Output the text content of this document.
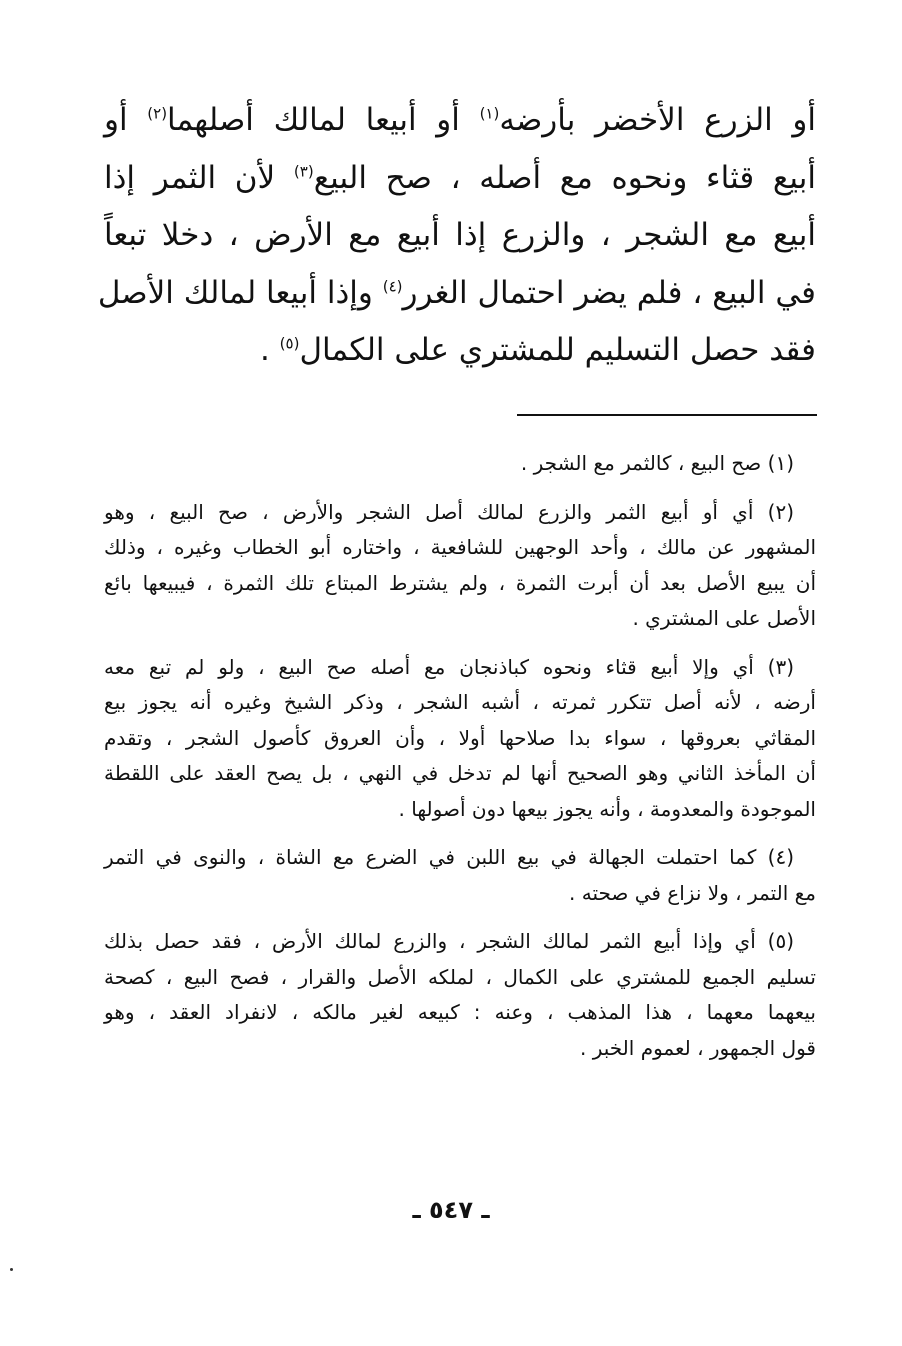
أو الزرع الأخضر بأرضه$^{(١)}$ أو أبيعا لمالك أصلهما$^{(٢)}$ أو
أبيع قثاء ونحوه مع أصله ، صح البيع$^{(٣)}$ لأن الثمر إذا
أبيع مع الشجر ، والزرع إذا أبيع مع الأرض ، دخلا تبعاً
في البيع ، فلم يضر احتمال الغرر$^{(٤)}$ وإذا أبيعا لمالك الأصل
فقد حصل التسليم للمشتري على الكمال$^{(٥)}$ .
(١) صح البيع ، كالثمر مع الشجر .
(٢) أي أو أبيع الثمر والزرع لمالك أصل الشجر والأرض ، صح البيع ، وهو
المشهور عن مالك ، وأحد الوجهين للشافعية ، واختاره أبو الخطاب وغيره ، وذلك
أن يبيع الأصل بعد أن أبرت الثمرة ، ولم يشترط المبتاع تلك الثمرة ، فيبيعها بائع
الأصل على المشتري .
(٣) أي وإلا أبيع قثاء ونحوه كباذنجان مع أصله صح البيع ، ولو لم تبع معه
أرضه ، لأنه أصل تتكرر ثمرته ، أشبه الشجر ، وذكر الشيخ وغيره أنه يجوز بيع
المقاثي بعروقها ، سواء بدا صلاحها أولا ، وأن العروق كأصول الشجر ، وتقدم
أن المأخذ الثاني وهو الصحيح أنها لم تدخل في النهي ، بل يصح العقد على اللقطة
الموجودة والمعدومة ، وأنه يجوز بيعها دون أصولها .
(٤) كما احتملت الجهالة في بيع اللبن في الضرع مع الشاة ، والنوى في التمر
مع التمر ، ولا نزاع في صحته .
(٥) أي وإذا أبيع الثمر لمالك الشجر ، والزرع لمالك الأرض ، فقد حصل بذلك
تسليم الجميع للمشتري على الكمال ، لملكه الأصل والقرار ، فصح البيع ، كصحة
بيعهما معهما ، هذا المذهب ، وعنه : كبيعه لغير مالكه ، لانفراد العقد ، وهو
قول الجمهور ، لعموم الخبر .
ـ ٥٤٧ ـ
